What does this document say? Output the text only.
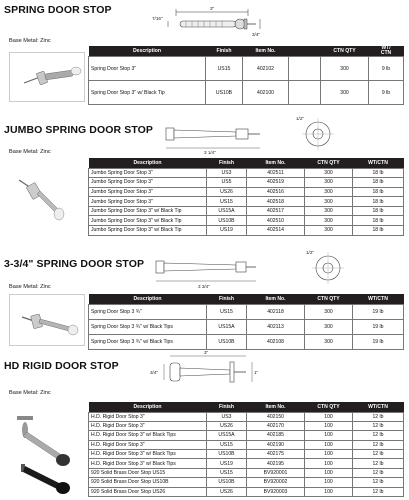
SPRING DOOR STOP	3"
7/16"
3/4"
Base Metal: Zinc
Description	Finish	Item No.		CTN QTY	WT/
CTN
Spring Door Stop 3"	US15	402102		300	9 lb
Spring Door Stop 3" w/ Black Tip	US10B	402100		300	9 lb
JUMBO SPRING DOOR STOP
3 1/4"
1/2"
Base Metal: Zinc
Description	Finish	Item No.	CTN QTY	WT/CTN
Jumbo Spring Door Stop 3"	US3	402511	300	18 lb
Jumbo Spring Door Stop 3"	US5	402519	300	18 lb
Jumbo Spring Door Stop 3"	US26	402516	300	18 lb
Jumbo Spring Door Stop 3"	US15	402518	300	18 lb
Jumbo Spring Door Stop 3" w/ Black Tip	US15A	402517	300	18 lb
Jumbo Spring Door Stop 3" w/ Black Tip	US10B	402510	300	18 lb
Jumbo Spring Door Stop 3" w/ Black Tip	US19	402514	300	18 lb
3-3/4" SPRING DOOR STOP
3 3/4"
1/2"
Base Metal: Zinc
Description	Finish	Item No.	CTN QTY	WT/CTN
Spring Door Stop 3 ¾"	US15	402118	300	19 lb
Spring Door Stop 3 ¾" w/ Black Tips	US15A	402113	300	19 lb
Spring Door Stop 3 ¾" w/ Black Tips	US10B	402108	300	19 lb
HD RIGID DOOR STOP
3"
3/4"	1"
Base Metal: Zinc
Description	Finish	Item No.	CTN QTY	WT/CTN
H.D. Rigid Door Stop 3"	US3	402150	100	12 lb
H.D. Rigid Door Stop 3"	US26	402170	100	12 lb
H.D. Rigid Door Stop 3" w/ Black Tips	US15A	402185	100	12 lb
H.D. Rigid Door Stop 3"	US15	402190	100	12 lb
H.D. Rigid Door Stop 3" w/ Black Tips	US10B	402175	100	12 lb
H.D. Rigid Door Stop 3" w/ Black Tips	US19	402195	100	12 lb
920 Solid Brass Door Stop US15	US15	BV920001	100	12 lb
920 Solid Brass Door Stop US10B	US10B	BV920002	100	12 lb
920 Solid Brass Door Stop US26	US26	BV920003	100	12 lb
